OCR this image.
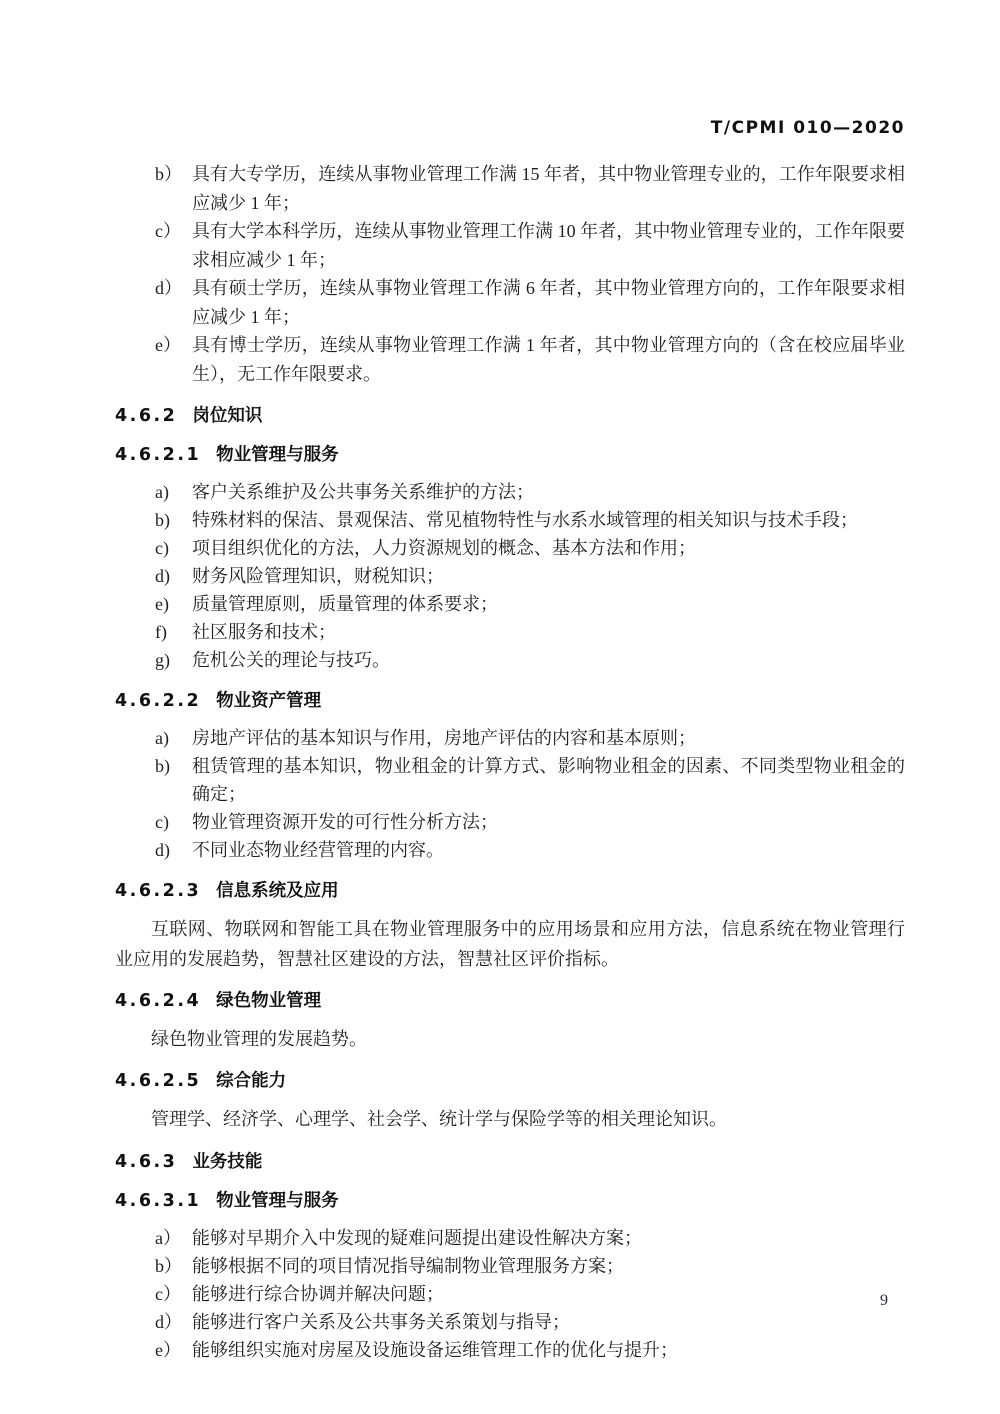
T/CPMI 010—2020
b） 具有大专学历，连续从事物业管理工作满 15 年者，其中物业管理专业的，工作年限要求相应减少 1 年；
c） 具有大学本科学历，连续从事物业管理工作满 10 年者，其中物业管理专业的，工作年限要求相应减少 1 年；
d） 具有硕士学历，连续从事物业管理工作满 6 年者，其中物业管理方向的，工作年限要求相应减少 1 年；
e） 具有博士学历，连续从事物业管理工作满 1 年者，其中物业管理方向的（含在校应届毕业生），无工作年限要求。
4.6.2 岗位知识
4.6.2.1 物业管理与服务
a)	客户关系维护及公共事务关系维护的方法；
b)	特殊材料的保洁、景观保洁、常见植物特性与水系水域管理的相关知识与技术手段；
c)	项目组织优化的方法，人力资源规划的概念、基本方法和作用；
d)	财务风险管理知识，财税知识；
e)	质量管理原则，质量管理的体系要求；
f)	社区服务和技术；
g)	危机公关的理论与技巧。
4.6.2.2 物业资产管理
a)	房地产评估的基本知识与作用，房地产评估的内容和基本原则；
b)	租赁管理的基本知识，物业租金的计算方式、影响物业租金的因素、不同类型物业租金的确定；
c)	物业管理资源开发的可行性分析方法；
d)	不同业态物业经营管理的内容。
4.6.2.3 信息系统及应用
互联网、物联网和智能工具在物业管理服务中的应用场景和应用方法，信息系统在物业管理行业应用的发展趋势，智慧社区建设的方法，智慧社区评价指标。
4.6.2.4 绿色物业管理
绿色物业管理的发展趋势。
4.6.2.5 综合能力
管理学、经济学、心理学、社会学、统计学与保险学等的相关理论知识。
4.6.3 业务技能
4.6.3.1 物业管理与服务
a） 能够对早期介入中发现的疑难问题提出建设性解决方案；
b） 能够根据不同的项目情况指导编制物业管理服务方案；
c） 能够进行综合协调并解决问题；
d） 能够进行客户关系及公共事务关系策划与指导；
e） 能够组织实施对房屋及设施设备运维管理工作的优化与提升；
9
